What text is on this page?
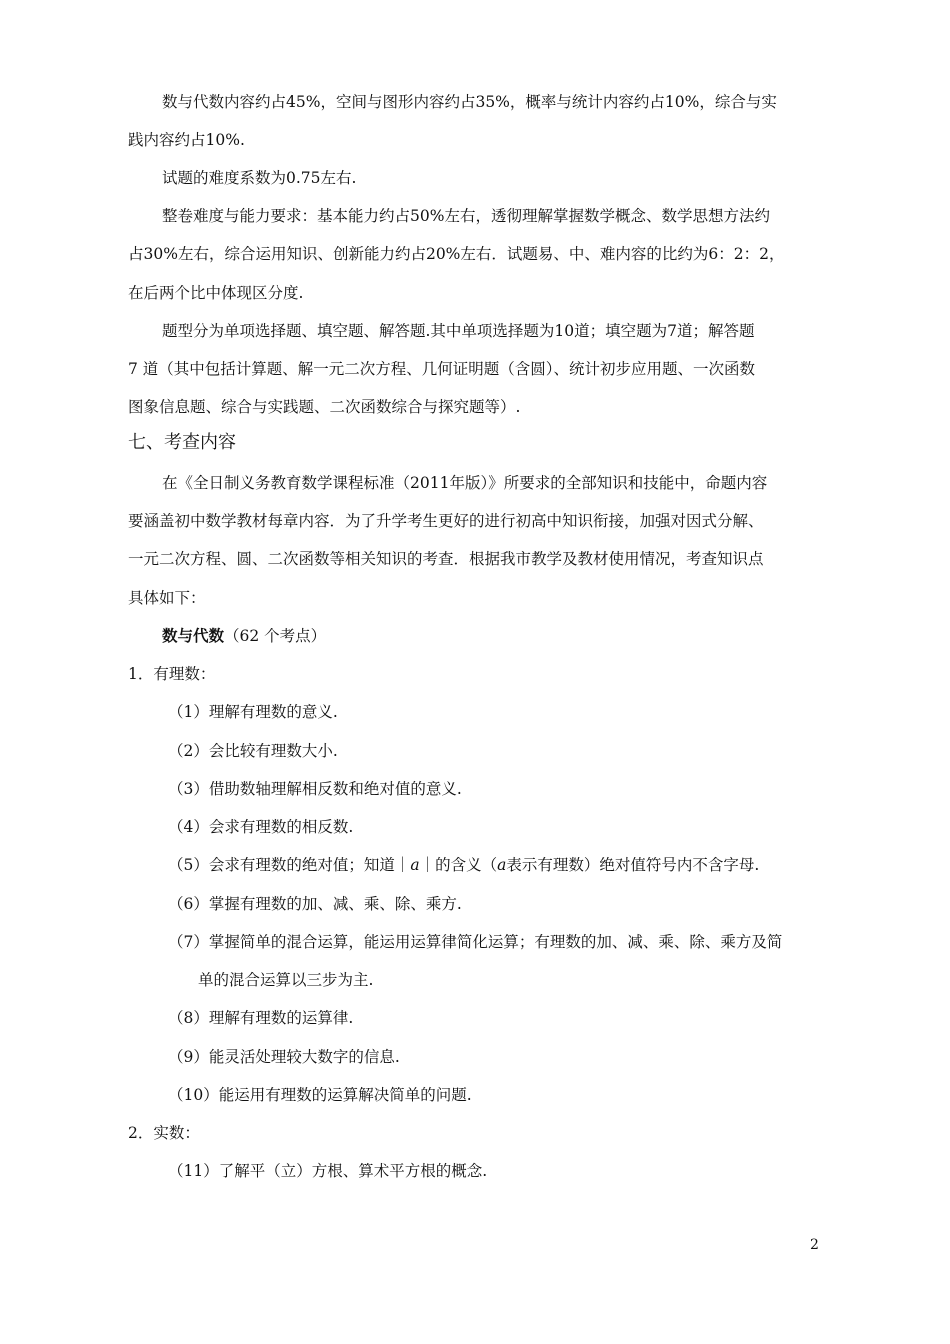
数与代数内容约占45%，空间与图形内容约占35%，概率与统计内容约占10%，综合与实
践内容约占10%.
试题的难度系数为0.75左右.
整卷难度与能力要求：基本能力约占50%左右，透彻理解掌握数学概念、数学思想方法约
占30%左右，综合运用知识、创新能力约占20%左右．试题易、中、难内容的比约为6：2：2，
在后两个比中体现区分度.
题型分为单项选择题、填空题、解答题.其中单项选择题为10道；填空题为7道；解答题
7 道（其中包括计算题、解一元二次方程、几何证明题（含圆）、统计初步应用题、一次函数
图象信息题、综合与实践题、二次函数综合与探究题等）.
七、考查内容
在《全日制义务教育数学课程标准（2011年版）》所要求的全部知识和技能中，命题内容
要涵盖初中数学教材每章内容．为了升学考生更好的进行初高中知识衔接，加强对因式分解、
一元二次方程、圆、二次函数等相关知识的考查．根据我市教学及教材使用情况，考查知识点
具体如下：
数与代数（62 个考点）
1．有理数：
（1）理解有理数的意义.
（2）会比较有理数大小.
（3）借助数轴理解相反数和绝对值的意义.
（4）会求有理数的相反数.
（5）会求有理数的绝对值；知道｜a｜的含义（a表示有理数）绝对值符号内不含字母.
（6）掌握有理数的加、减、乘、除、乘方.
（7）掌握简单的混合运算，能运用运算律简化运算；有理数的加、减、乘、除、乘方及简
单的混合运算以三步为主.
（8）理解有理数的运算律.
（9）能灵活处理较大数字的信息.
（10）能运用有理数的运算解决简单的问题.
2．实数：
（11）了解平（立）方根、算术平方根的概念.
2
